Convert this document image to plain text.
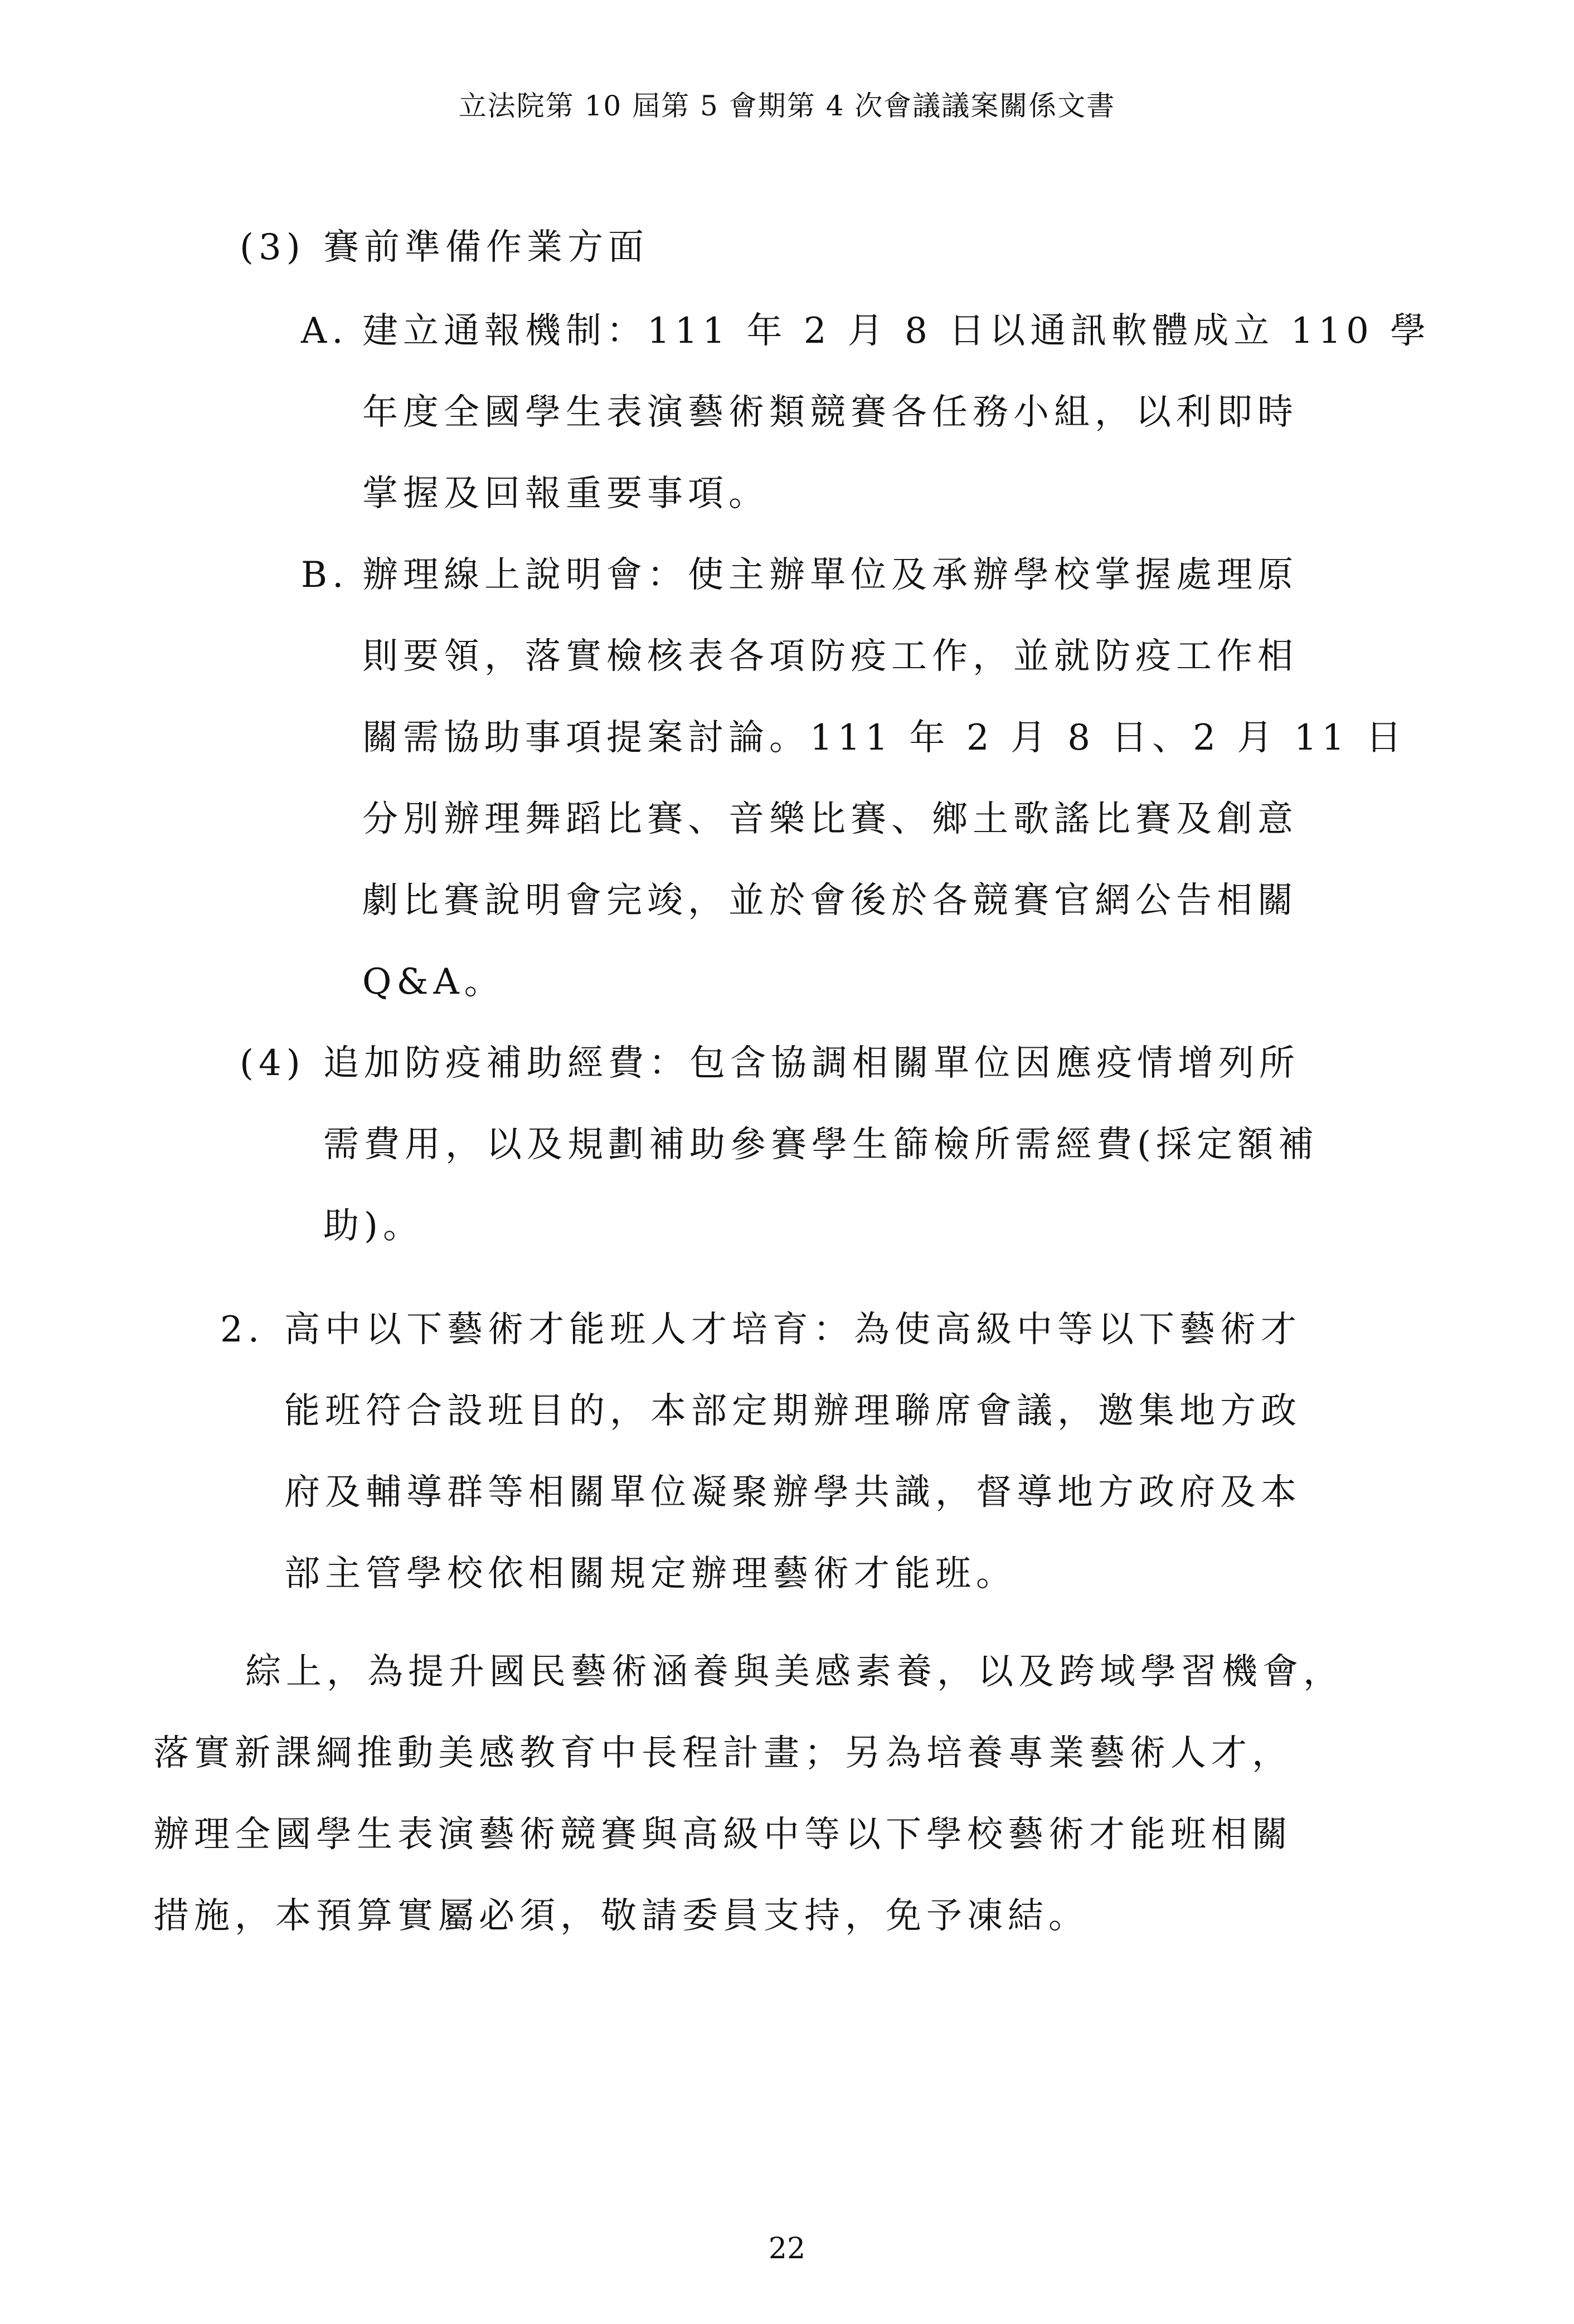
立法院第 10 屆第 5 會期第 4 次會議議案關係文書
(3) 賽前準備作業方面
A. 建立通報機制：111 年 2 月 8 日以通訊軟體成立 110 學
年度全國學生表演藝術類競賽各任務小組，以利即時
掌握及回報重要事項。
B. 辦理線上說明會：使主辦單位及承辦學校掌握處理原
則要領，落實檢核表各項防疫工作，並就防疫工作相
關需協助事項提案討論。111 年 2 月 8 日、2 月 11 日
分別辦理舞蹈比賽、音樂比賽、鄉土歌謠比賽及創意
劇比賽說明會完竣，並於會後於各競賽官網公告相關
Q&A。
(4) 追加防疫補助經費：包含協調相關單位因應疫情增列所
需費用，以及規劃補助參賽學生篩檢所需經費(採定額補
助)。
2. 高中以下藝術才能班人才培育：為使高級中等以下藝術才
能班符合設班目的，本部定期辦理聯席會議，邀集地方政
府及輔導群等相關單位凝聚辦學共識，督導地方政府及本
部主管學校依相關規定辦理藝術才能班。
綜上，為提升國民藝術涵養與美感素養，以及跨域學習機會，
落實新課綱推動美感教育中長程計畫；另為培養專業藝術人才，
辦理全國學生表演藝術競賽與高級中等以下學校藝術才能班相關
措施，本預算實屬必須，敬請委員支持，免予凍結。
22
